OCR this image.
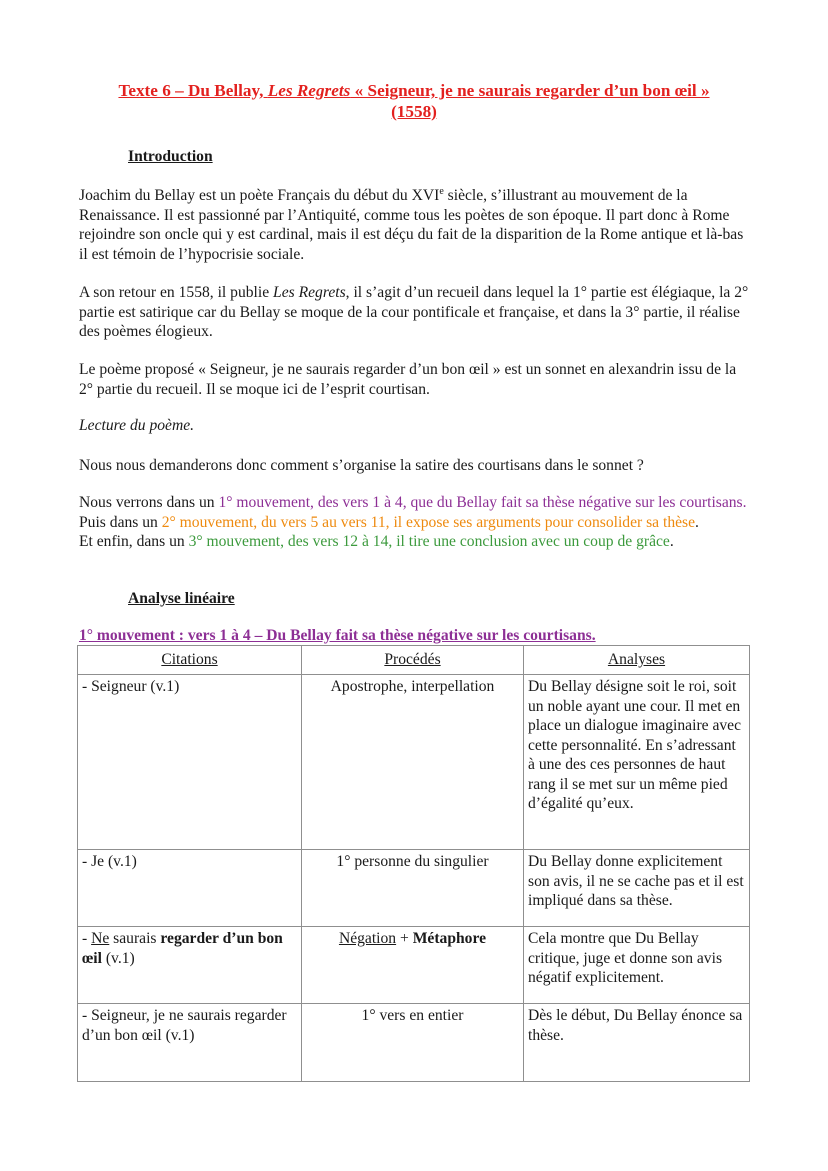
Texte 6 – Du Bellay, Les Regrets « Seigneur, je ne saurais regarder d’un bon œil »
(1558)
Introduction

Joachim du Bellay est un poète Français du début du XVIe siècle, s’illustrant au mouvement de la Renaissance. Il est passionné par l’Antiquité, comme tous les poètes de son époque. Il part donc à Rome rejoindre son oncle qui y est cardinal, mais il est déçu du fait de la disparition de la Rome antique et là-bas il est témoin de l’hypocrisie sociale.

A son retour en 1558, il publie Les Regrets, il s’agit d’un recueil dans lequel la 1° partie est élégiaque, la 2° partie est satirique car du Bellay se moque de la cour pontificale et française, et dans la 3° partie, il réalise des poèmes élogieux.

Le poème proposé « Seigneur, je ne saurais regarder d’un bon œil » est un sonnet en alexandrin issu de la 2° partie du recueil. Il se moque ici de l’esprit courtisan.

Lecture du poème.

Nous nous demanderons donc comment s’organise la satire des courtisans dans le sonnet ?

Nous verrons dans un 1° mouvement, des vers 1 à 4, que du Bellay fait sa thèse négative sur les courtisans.
Puis dans un 2° mouvement, du vers 5 au vers 11, il expose ses arguments pour consolider sa thèse.
Et enfin, dans un 3° mouvement, des vers 12 à 14, il tire une conclusion avec un coup de grâce.

Analyse linéaire
1° mouvement : vers 1 à 4 – Du Bellay fait sa thèse négative sur les courtisans.
Citations	Procédés	Analyses
- Seigneur (v.1)	Apostrophe, interpellation	Du Bellay désigne soit le roi, soit un noble ayant une cour. Il met en place un dialogue imaginaire avec cette personnalité. En s’adressant à une des ces personnes de haut rang il se met sur un même pied d’égalité qu’eux.
- Je (v.1)	1° personne du singulier	Du Bellay donne explicitement son avis, il ne se cache pas et il est impliqué dans sa thèse.
- Ne saurais regarder d’un bon œil (v.1)	Négation + Métaphore	Cela montre que Du Bellay critique, juge et donne son avis négatif explicitement.
- Seigneur, je ne saurais regarder d’un bon œil (v.1)	1° vers en entier	Dès le début, Du Bellay énonce sa thèse.
